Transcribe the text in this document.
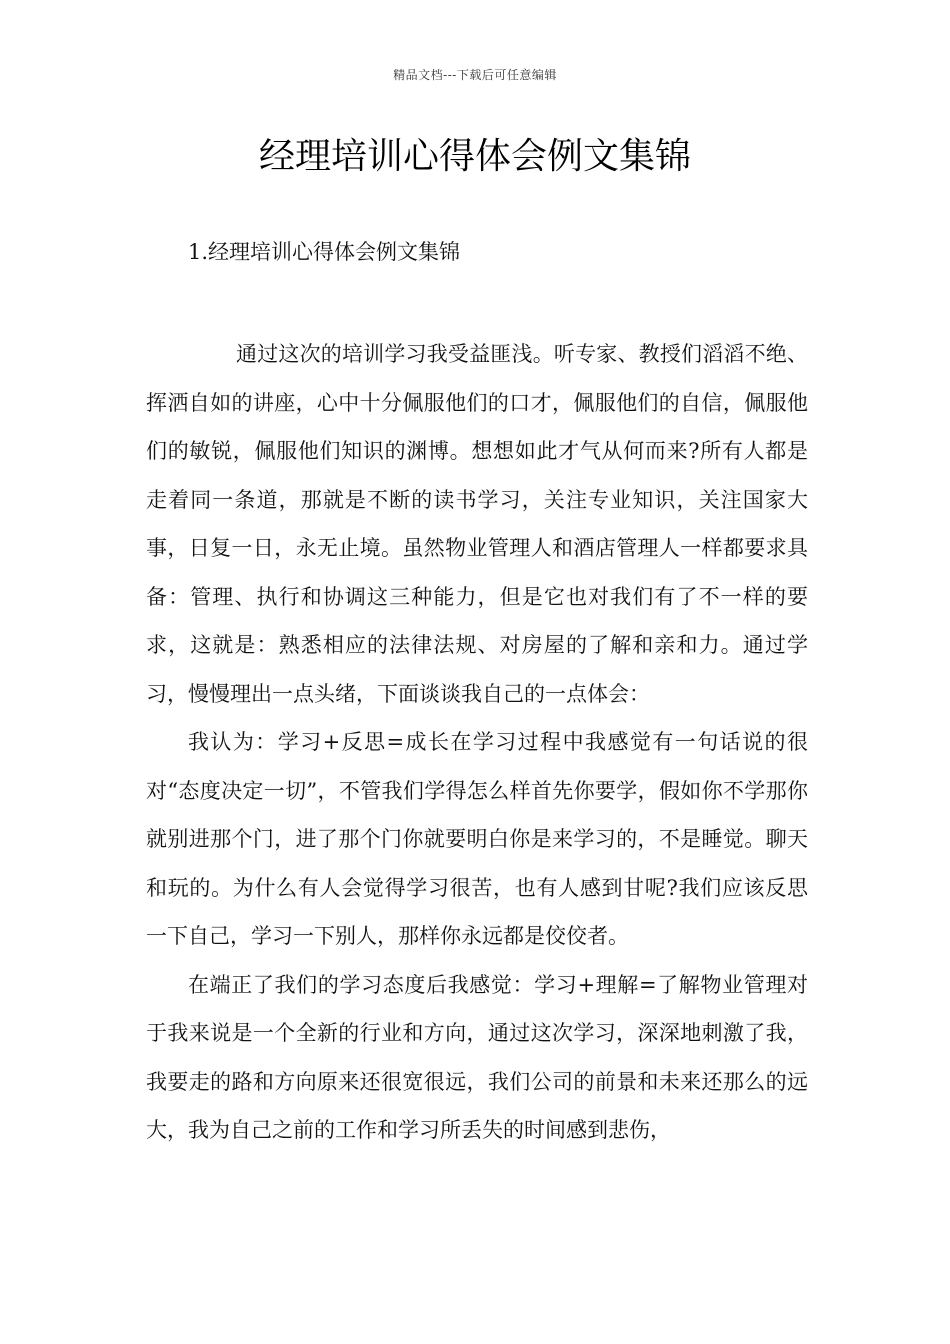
精品文档---下载后可任意编辑
经理培训心得体会例文集锦
1.经理培训心得体会例文集锦

通过这次的培训学习我受益匪浅。听专家、教授们滔滔不绝、挥洒自如的讲座，心中十分佩服他们的口才，佩服他们的自信，佩服他们的敏锐，佩服他们知识的渊博。想想如此才气从何而来?所有人都是走着同一条道，那就是不断的读书学习，关注专业知识，关注国家大事，日复一日，永无止境。虽然物业管理人和酒店管理人一样都要求具备：管理、执行和协调这三种能力，但是它也对我们有了不一样的要求，这就是：熟悉相应的法律法规、对房屋的了解和亲和力。通过学习，慢慢理出一点头绪，下面谈谈我自己的一点体会：

我认为：学习+反思=成长在学习过程中我感觉有一句话说的很对“态度决定一切”，不管我们学得怎么样首先你要学，假如你不学那你就别进那个门，进了那个门你就要明白你是来学习的，不是睡觉。聊天和玩的。为什么有人会觉得学习很苦，也有人感到甘呢?我们应该反思一下自己，学习一下别人，那样你永远都是佼佼者。

在端正了我们的学习态度后我感觉：学习+理解=了解物业管理对于我来说是一个全新的行业和方向，通过这次学习，深深地刺激了我，我要走的路和方向原来还很宽很远，我们公司的前景和未来还那么的远大，我为自己之前的工作和学习所丢失的时间感到悲伤，
